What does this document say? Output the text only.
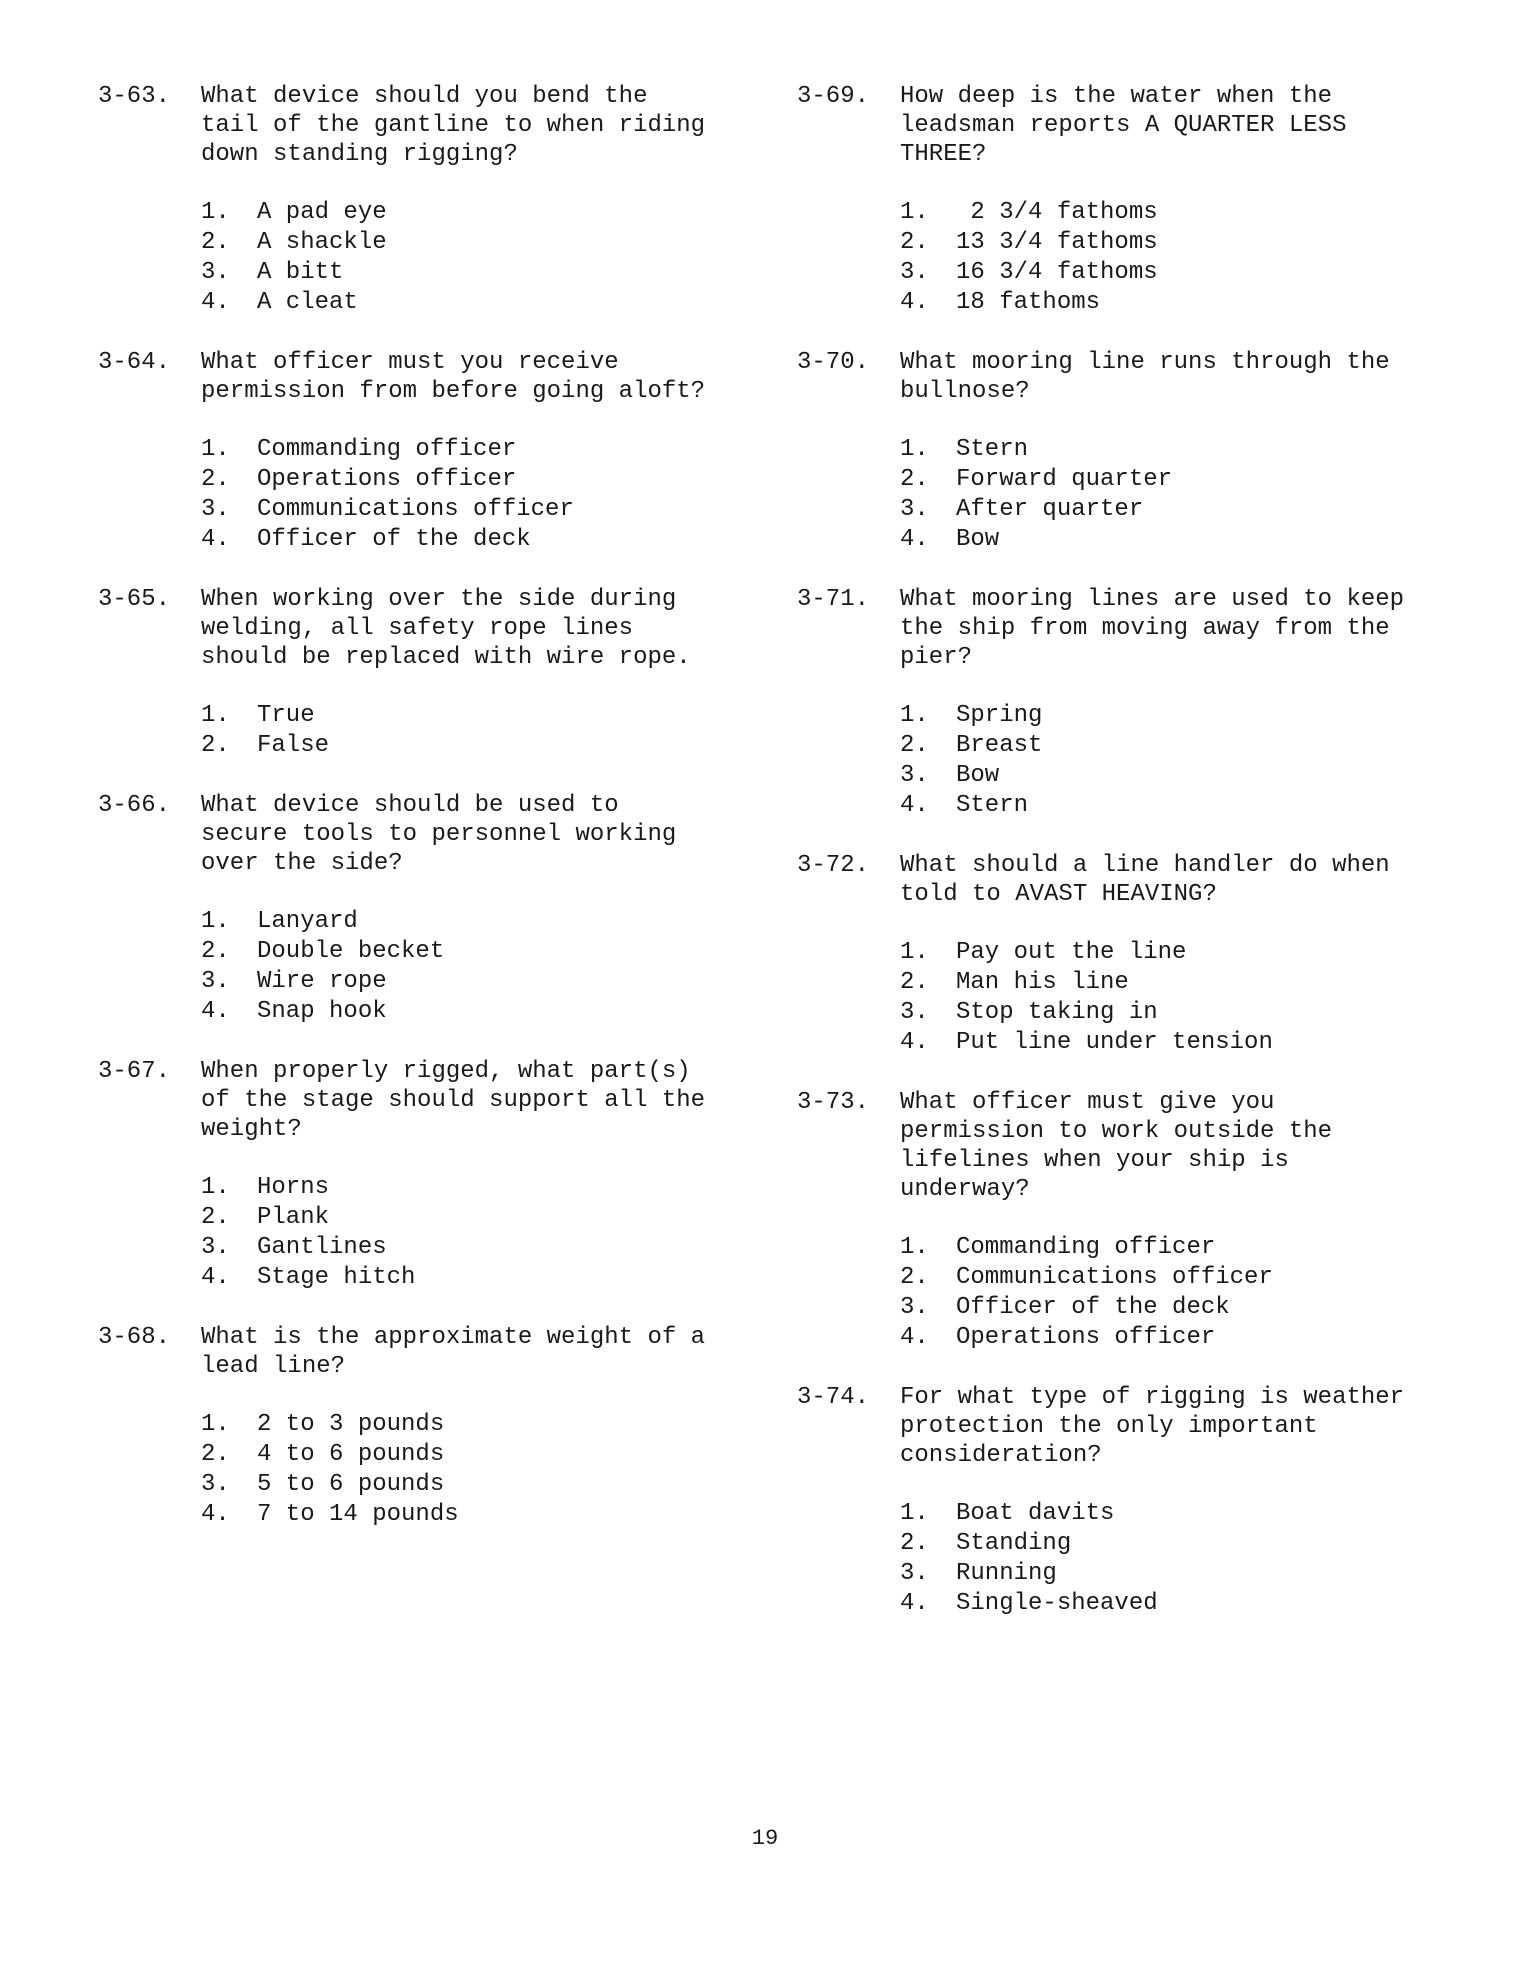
3-63. What device should you bend the
tail of the gantline to when riding
down standing rigging?
1.	A pad eye
2.	A shackle
3.	A bitt
4.	A cleat
3-64. What officer must you receive
permission from before going aloft?
1.	Commanding officer
2.	Operations officer
3.	Communications officer
4.	Officer of the deck
3-65. When working over the side during
welding, all safety rope lines
should be replaced with wire rope.
1.	True
2.	False
3-66. What device should be used to
secure tools to personnel working
over the side?
1.	Lanyard
2.	Double becket
3.	Wire rope
4.	Snap hook
3-67. When properly rigged, what part(s)
of the stage should support all the
weight?
1.	Horns
2.	Plank
3.	Gantlines
4.	Stage hitch
3-68. What is the approximate weight of a
lead line?
1.	2 to 3 pounds
2.	4 to 6 pounds
3.	5 to 6 pounds
4.	7 to 14 pounds
3-69. How deep is the water when the
leadsman reports A QUARTER LESS
THREE?
1.	2 3/4 fathoms
2.	13 3/4 fathoms
3.	16 3/4 fathoms
4.	18 fathoms
3-70. What mooring line runs through the
bullnose?
1.	Stern
2.	Forward quarter
3.	After quarter
4.	Bow
3-71. What mooring lines are used to keep
the ship from moving away from the
pier?
1.	Spring
2.	Breast
3.	Bow
4.	Stern
3-72. What should a line handler do when
told to AVAST HEAVING?
1.	Pay out the line
2.	Man his line
3.	Stop taking in
4.	Put line under tension
3-73. What officer must give you
permission to work outside the
lifelines when your ship is
underway?
1.	Commanding officer
2.	Communications officer
3.	Officer of the deck
4.	Operations officer
3-74. For what type of rigging is weather
protection the only important
consideration?
1.	Boat davits
2.	Standing
3.	Running
4.	Single-sheaved
19
